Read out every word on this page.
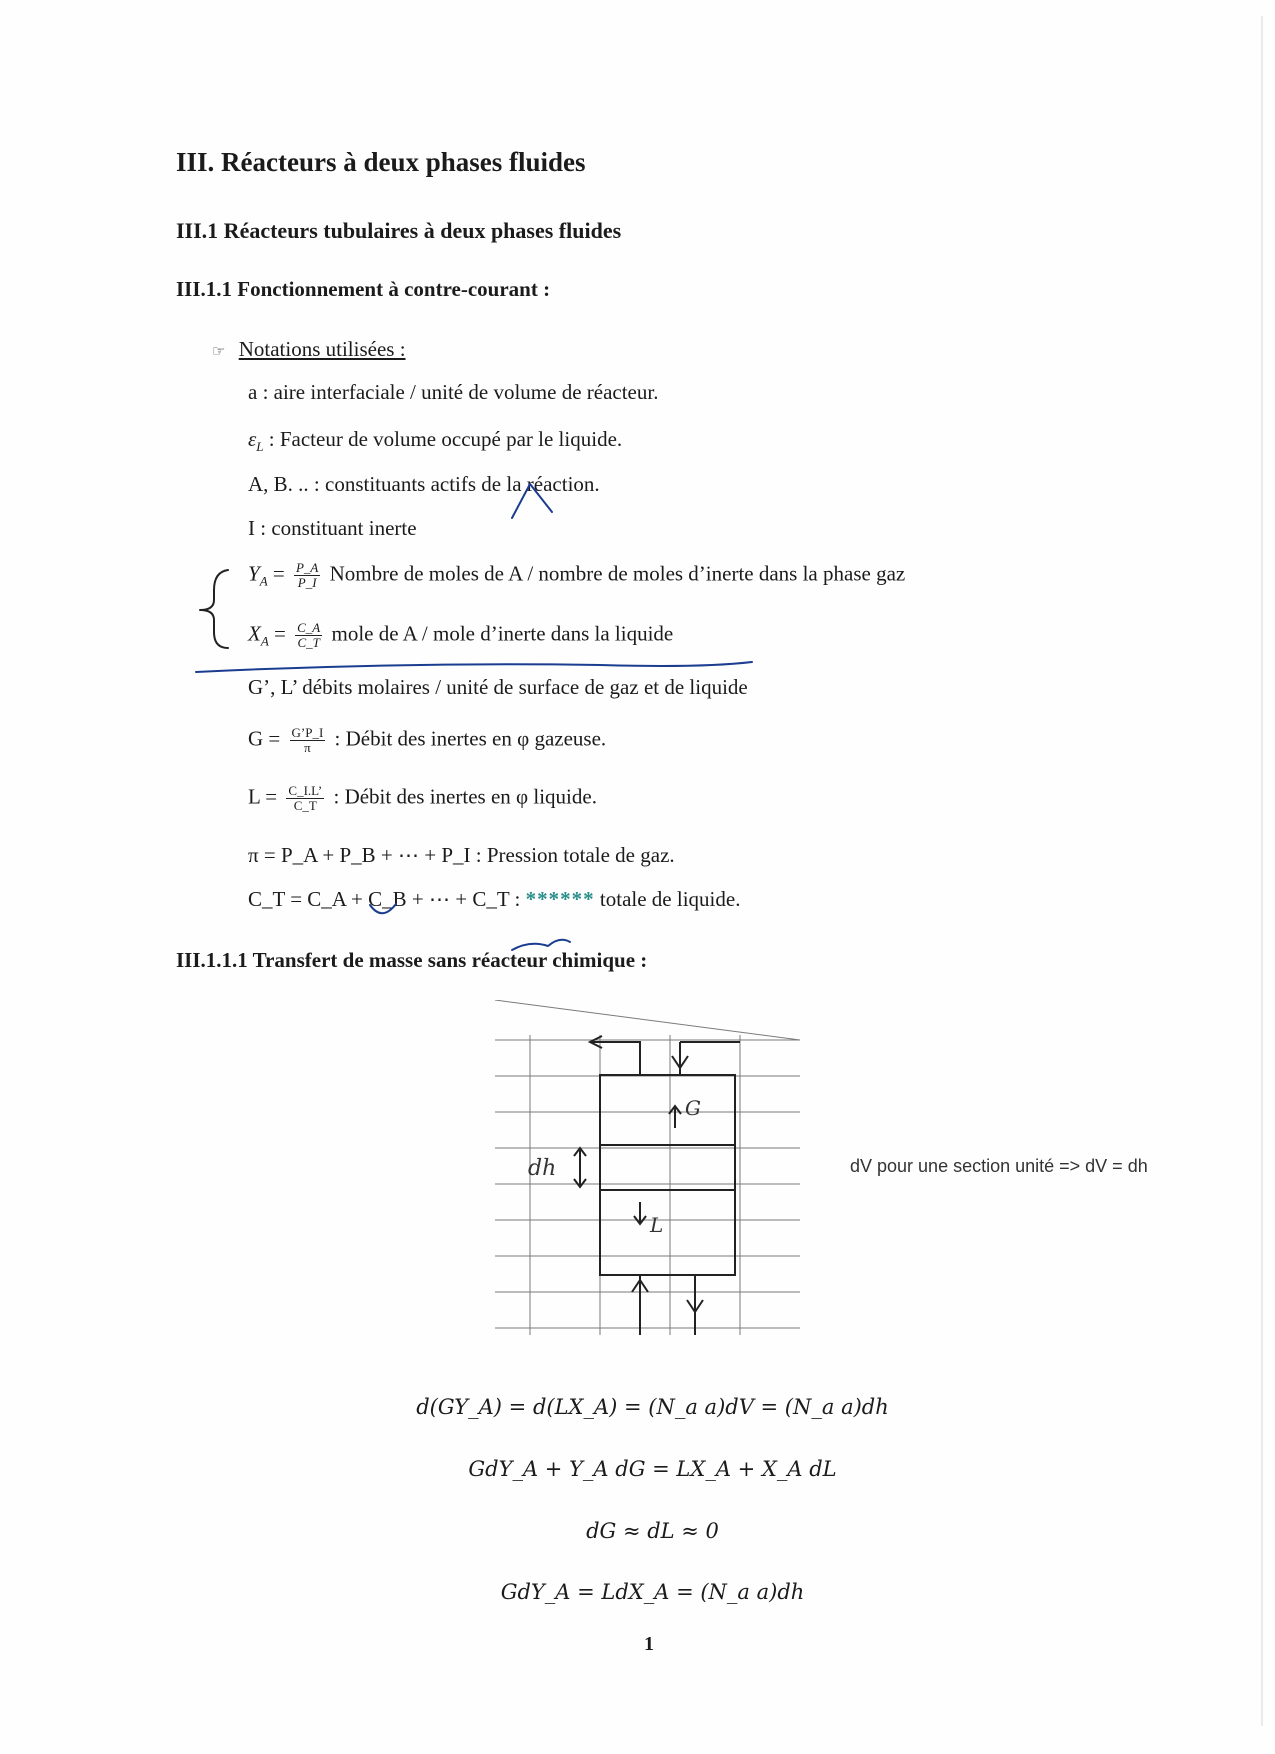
III. Réacteurs à deux phases fluides
III.1 Réacteurs tubulaires à deux phases fluides
III.1.1 Fonctionnement à contre-courant :
☞ Notations utilisées :
a : aire interfaciale / unité de volume de réacteur.
$\varepsilon_L$ : Facteur de volume occupé par le liquide.
A, B. .. : constituants actifs de la réaction.
I : constituant inerte
$Y_A = \frac{P\_A}{P\_I}$ Nombre de moles de A / nombre de moles d’inerte dans la phase gaz
$X_A = \frac{C\_A}{C\_T}$ mole de A / mole d’inerte dans la liquide
G’, L’ débits molaires / unité de surface de gaz et de liquide
$G = \frac{G’P\_I}{\pi}$ : Débit des inertes en φ gazeuse.
$L = \frac{C\_I.L’}{C\_T}$ : Débit des inertes en φ liquide.
π = P_A + P_B + ⋯ + P_I : Pression totale de gaz.
C_T = C_A + C_B + ⋯ + C_T : ****** totale de liquide.
III.1.1.1 Transfert de masse sans réacteur chimique :
dh
G
L
dV pour une section unité => dV = dh
d(GY_A) = d(LX_A) = (N_a a)dV = (N_a a)dh
GdY_A + Y_A dG = LX_A + X_A dL
dG ≈ dL ≈ 0
GdY_A = LdX_A = (N_a a)dh
1
